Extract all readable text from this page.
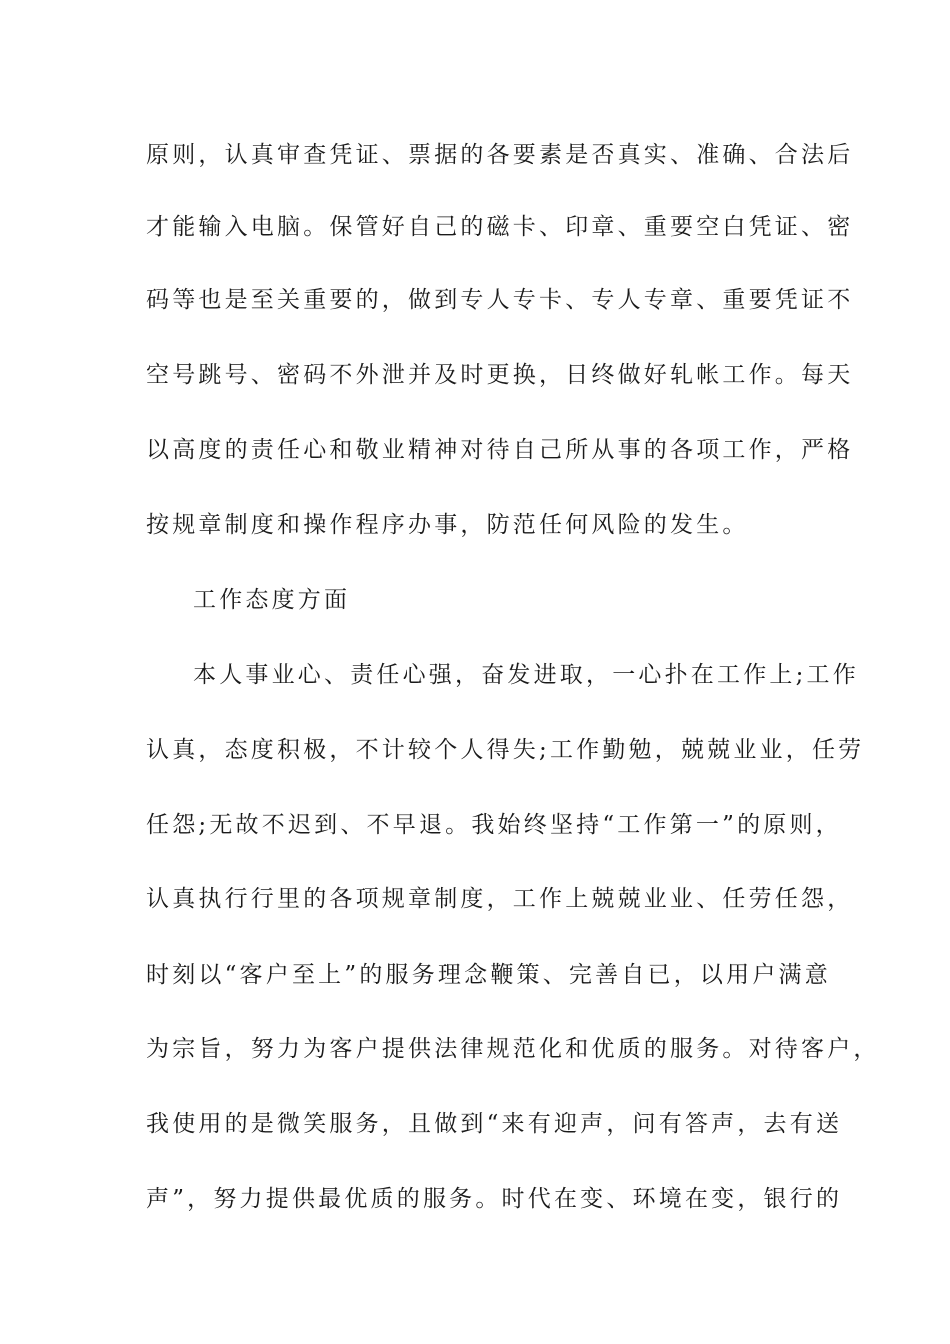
原则，认真审查凭证、票据的各要素是否真实、准确、合法后
才能输入电脑。保管好自己的磁卡、印章、重要空白凭证、密
码等也是至关重要的，做到专人专卡、专人专章、重要凭证不
空号跳号、密码不外泄并及时更换，日终做好轧帐工作。每天
以高度的责任心和敬业精神对待自己所从事的各项工作，严格
按规章制度和操作程序办事，防范任何风险的发生。
工作态度方面
本人事业心、责任心强，奋发进取，一心扑在工作上;工作
认真，态度积极，不计较个人得失;工作勤勉，兢兢业业，任劳
任怨;无故不迟到、不早退。我始终坚持“工作第一”的原则，
认真执行行里的各项规章制度，工作上兢兢业业、任劳任怨，
时刻以“客户至上”的服务理念鞭策、完善自已，以用户满意
为宗旨，努力为客户提供法律规范化和优质的服务。对待客户，
我使用的是微笑服务，且做到“来有迎声，问有答声，去有送
声”，努力提供最优质的服务。时代在变、环境在变，银行的
